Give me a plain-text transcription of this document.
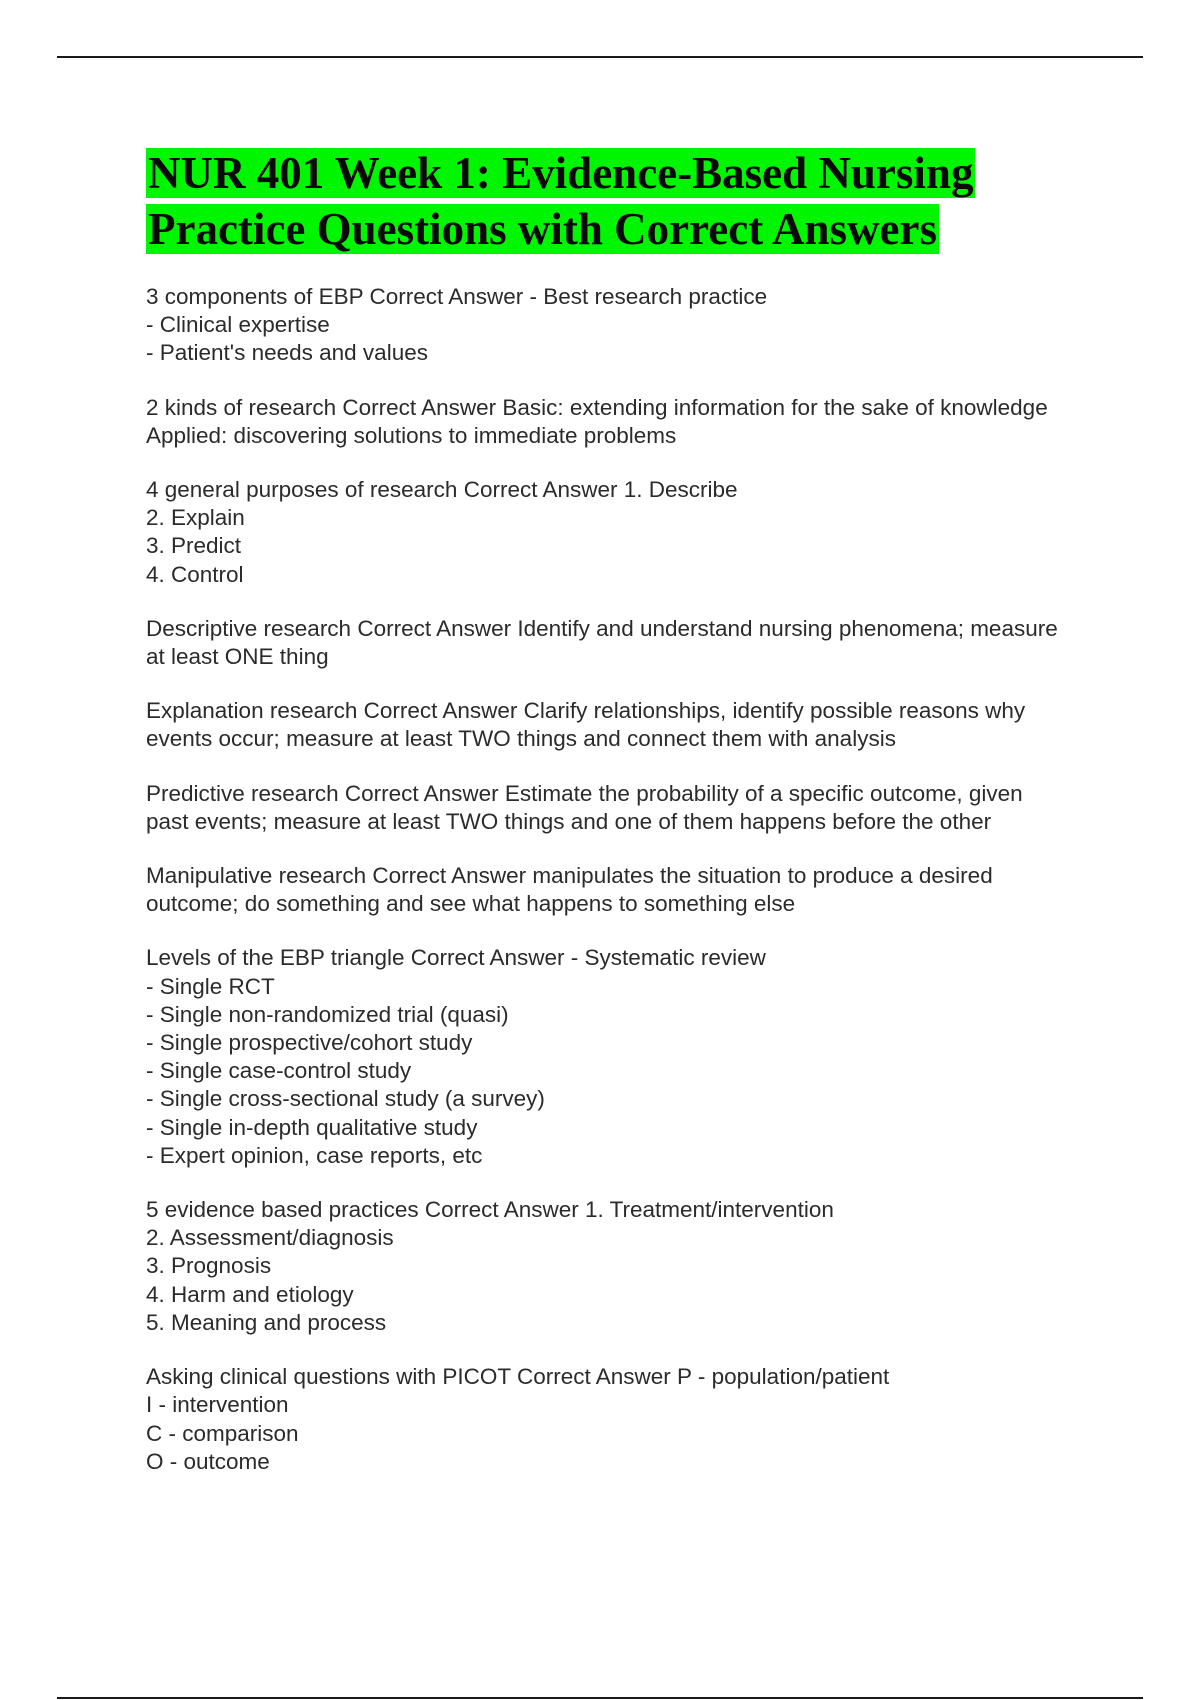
NUR 401 Week 1: Evidence-Based Nursing Practice Questions with Correct Answers
3 components of EBP Correct Answer - Best research practice
- Clinical expertise
- Patient's needs and values
2 kinds of research Correct Answer Basic: extending information for the sake of knowledge
Applied: discovering solutions to immediate problems
4 general purposes of research Correct Answer 1. Describe
2. Explain
3. Predict
4. Control
Descriptive research Correct Answer Identify and understand nursing phenomena; measure at least ONE thing
Explanation research Correct Answer Clarify relationships, identify possible reasons why events occur; measure at least TWO things and connect them with analysis
Predictive research Correct Answer Estimate the probability of a specific outcome, given past events; measure at least TWO things and one of them happens before the other
Manipulative research Correct Answer manipulates the situation to produce a desired outcome; do something and see what happens to something else
Levels of the EBP triangle Correct Answer - Systematic review
- Single RCT
- Single non-randomized trial (quasi)
- Single prospective/cohort study
- Single case-control study
- Single cross-sectional study (a survey)
- Single in-depth qualitative study
- Expert opinion, case reports, etc
5 evidence based practices Correct Answer 1. Treatment/intervention
2. Assessment/diagnosis
3. Prognosis
4. Harm and etiology
5. Meaning and process
Asking clinical questions with PICOT Correct Answer P - population/patient
I - intervention
C - comparison
O - outcome
